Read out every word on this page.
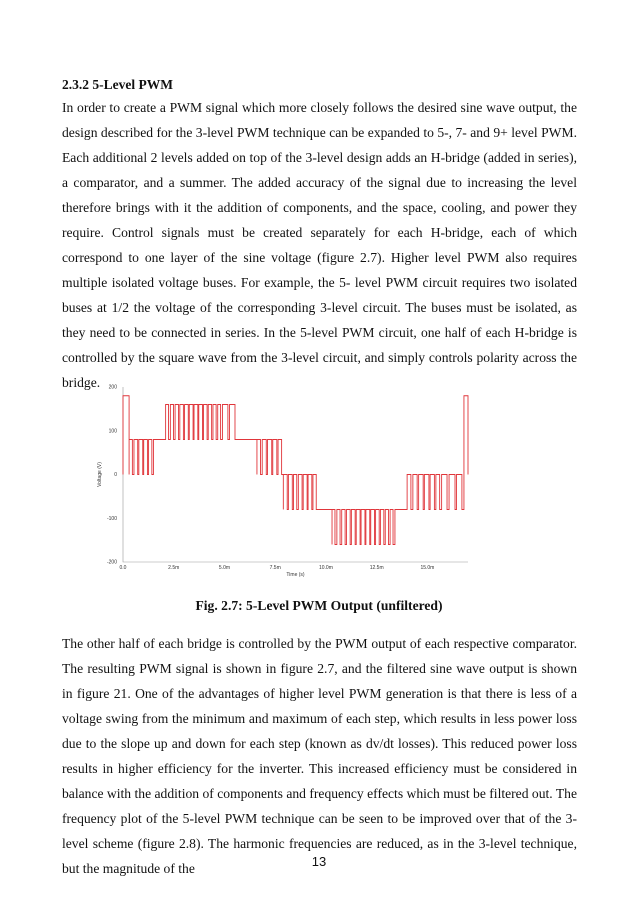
2.3.2 5-Level PWM
In order to create a PWM signal which more closely follows the desired sine wave output, the design described for the 3-level PWM technique can be expanded to 5-, 7- and 9+ level PWM. Each additional 2 levels added on top of the 3-level design adds an H-bridge (added in series), a comparator, and a summer. The added accuracy of the signal due to increasing the level therefore brings with it the addition of components, and the space, cooling, and power they require. Control signals must be created separately for each H-bridge, each of which correspond to one layer of the sine voltage (figure 2.7). Higher level PWM also requires multiple isolated voltage buses. For example, the 5- level PWM circuit requires two isolated buses at 1/2 the voltage of the corresponding 3-level circuit. The buses must be isolated, as they need to be connected in series. In the 5-level PWM circuit, one half of each H-bridge is controlled by the square wave from the 3-level circuit, and simply controls polarity across the bridge.
0.0	2.5m	5.0m	7.5m	10.0m	12.5m	15.0m
200
100
0
-100
-200
Time (s)
Voltage (V)
Fig. 2.7: 5-Level PWM Output (unfiltered)
The other half of each bridge is controlled by the PWM output of each respective comparator. The resulting PWM signal is shown in figure 2.7, and the filtered sine wave output is shown in figure 21. One of the advantages of higher level PWM generation is that there is less of a voltage swing from the minimum and maximum of each step, which results in less power loss due to the slope up and down for each step (known as dv/dt losses). This reduced power loss results in higher efficiency for the inverter. This increased efficiency must be considered in balance with the addition of components and frequency effects which must be filtered out. The frequency plot of the 5-level PWM technique can be seen to be improved over that of the 3- level scheme (figure 2.8). The harmonic frequencies are reduced, as in the 3-level technique, but the magnitude of the	13
